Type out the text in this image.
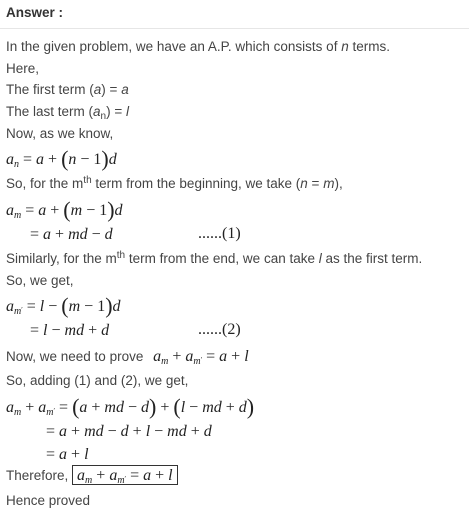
Answer :
In the given problem, we have an A.P. which consists of n terms.
Here,
The first term (a) = a
The last term $(a_n) = l$
Now, as we know,
$a_n = a + (n - 1)d$
So, for the $m^{th}$ term from the beginning, we take (n = m),
$a_m = a + (m - 1)d$
= a + md − d	......(1)
Similarly, for the $m^{th}$ term from the end, we can take l as the first term.
So, we get,
$a_{m'} = l - (m - 1)d$
= l − md + d	......(2)
Now, we need to prove $a_m + a_{m'} = a + l$
So, adding (1) and (2), we get,
$a_m + a_{m'} = (a$ + md − d) + (l − md + d)
= a + md − d + l − md + d
= a + l
Therefore, $a_m + a_{m'} = a + l$
Hence proved
